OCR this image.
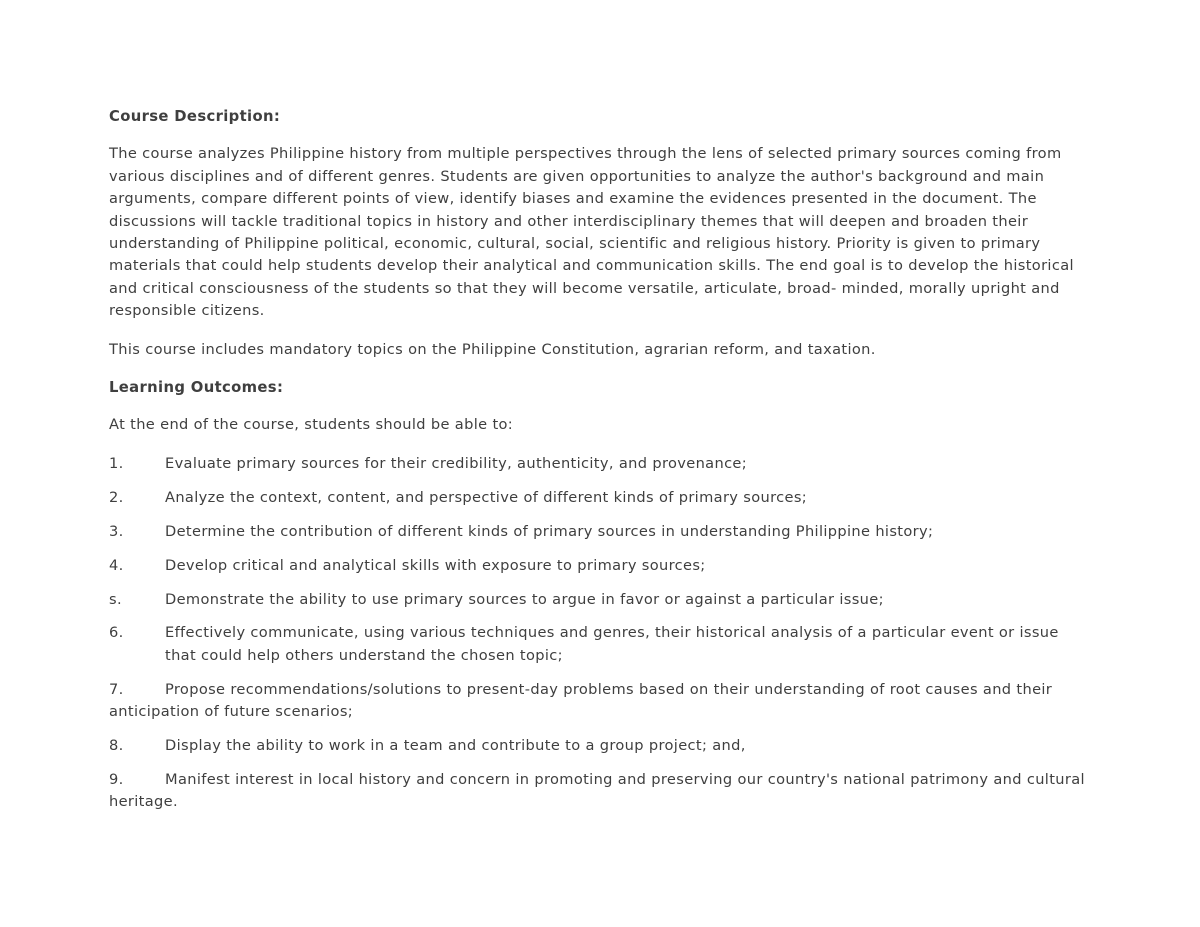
Course Description:

The course analyzes Philippine history from multiple perspectives through the lens of selected primary sources coming from various disciplines and of different genres. Students are given opportunities to analyze the author's background and main arguments, compare different points of view, identify biases and examine the evidences presented in the document. The discussions will tackle traditional topics in history and other interdisciplinary themes that will deepen and broaden their understanding of Philippine political, economic, cultural, social, scientific and religious history. Priority is given to primary materials that could help students develop their analytical and communication skills. The end goal is to develop the historical and critical consciousness of the students so that they will become versatile, articulate, broad- minded, morally upright and responsible citizens.

This course includes mandatory topics on the Philippine Constitution, agrarian reform, and taxation.

Learning Outcomes:

At the end of the course, students should be able to:

1.	Evaluate primary sources for their credibility, authenticity, and provenance;
2.	Analyze the context, content, and perspective of different kinds of primary sources;
3.	Determine the contribution of different kinds of primary sources in understanding Philippine history;
4.	Develop critical and analytical skills with exposure to primary sources;
s.	Demonstrate the ability to use primary sources to argue in favor or against a particular issue;
6.	Effectively communicate, using various techniques and genres, their historical analysis of a particular event or issue that could help others understand the chosen topic;
7.	Propose recommendations/solutions to present-day problems based on their understanding of root causes and their anticipation of future scenarios;
8.	Display the ability to work in a team and contribute to a group project; and,
9.	Manifest interest in local history and concern in promoting and preserving our country's national patrimony and cultural heritage.
